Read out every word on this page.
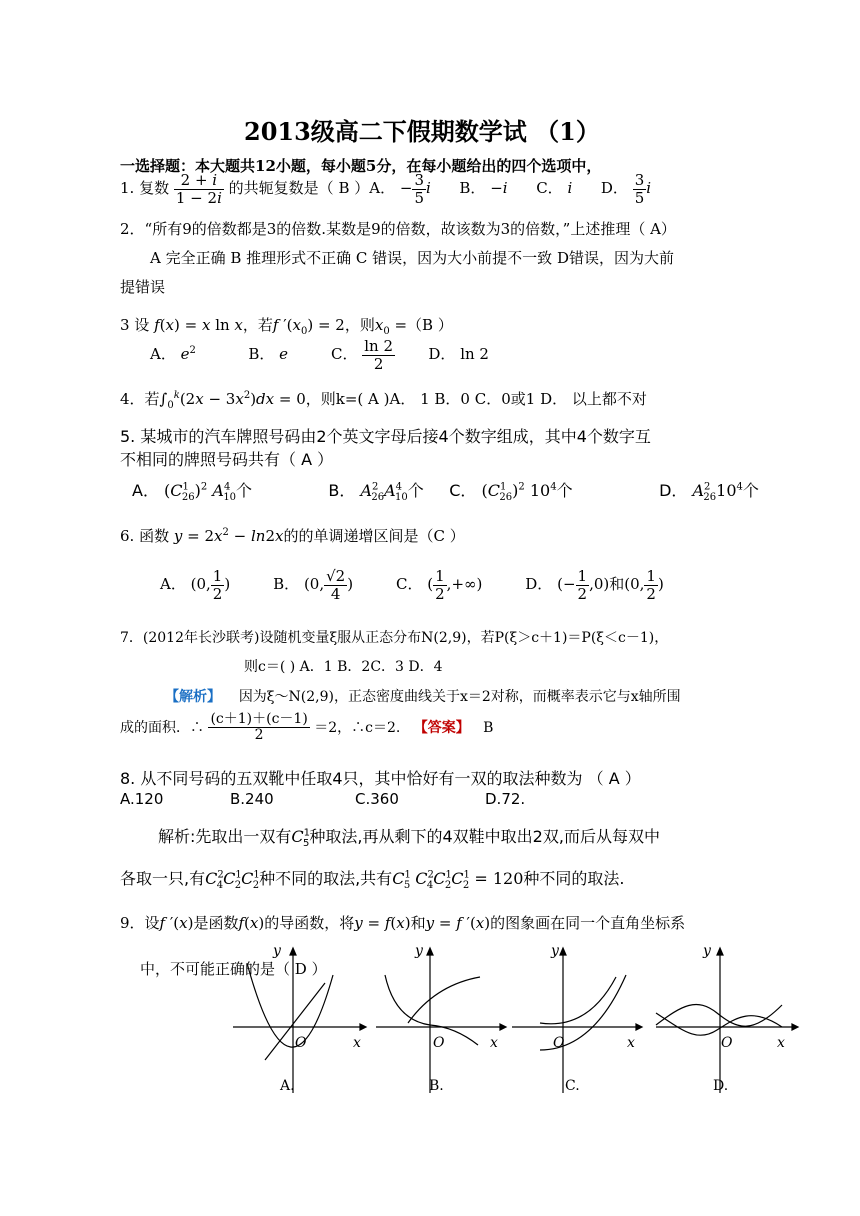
2013级高二下假期数学试 （1）
一选择题：本大题共12小题，每小题5分，在每小题给出的四个选项中，
1. 复数 $\frac{2 + i}{1 - 2i}$ 的共轭复数是（ B ）A． − $\frac{3}{5}$ i B． −i C． i D． $\frac{3}{5}$ i
2．“所有9的倍数都是3的倍数.某数是9的倍数，故该数为3的倍数，”上述推理（ A）
A 完全正确 B 推理形式不正确 C 错误，因为大小前提不一致 D错误，因为大前
提错误
3 设 f(x) = x ln x，若f $'(x_0) = 2$，则$x_0 =(B$ ）
A． $e^2$	B． e	C． $\frac{\ln 2}{2}$ D． ln 2
4．若$\int_0^k(2x - 3x^2)dx = 0$，则k=( A )A． 1 B．0 C．0或1 D． 以上都不对
5. 某城市的汽车牌照号码由2个英文字母后接4个数字组成，其中4个数字互
不相同的牌照号码共有（ A ）
A． $(C^1_{26})^2$ $A^4_{10}$个	B． $A^2_{26}A^4_{10}$个 C． $(C^1_{26})^2$ $10^4$个	D． $A^2_{26}10^4$个
6. 函数 $y = 2x^2 - \ln 2x$的的单调递增区间是（C ）
A． (0, $\frac{1}{2}$ )	B． (0, $\frac{√2}{4}$ )	C． ( $\frac{1}{2}$ ,+∞)	D． (− $\frac{1}{2} ,0$)和(0, $\frac{1}{2}$ )
7．(2012年长沙联考)设随机变量ξ服从正态分布N(2,9)，若P(ξ＞c＋1)＝P(ξ＜c－1)，
则c＝( ) A．1 B．2C．3 D．4
【解析】 因为ξ～N(2,9)，正态密度曲线关于x＝2对称，而概率表示它与x轴所围
成的面积．∴ $\frac{(c+1)+(c-1)}{2} =2$，∴c＝2. 【答案】 B
8. 从不同号码的五双靴中任取4只，其中恰好有一双的取法种数为 （ A ）
A.120	B.240	C.360	D.72.
解析:先取出一双有$C^1_5$种取法,再从剩下的4双鞋中取出2双,而后从每双中
各取一只,有$C^2_4C^1_2C^1_2$种不同的取法,共有$C^1_5$ $C^2_4C^1_2C^1_2 = 120$种不同的取法.
9．设f ′(x)是函数f(x)的导函数，将y = f(x)和y = f ′(x)的图象画在同一个直角坐标系
中，不可能正确的是（ D ）
y
x
O
y
x
O
y
x
O
y
x
O
A.	B.	C.	D.
